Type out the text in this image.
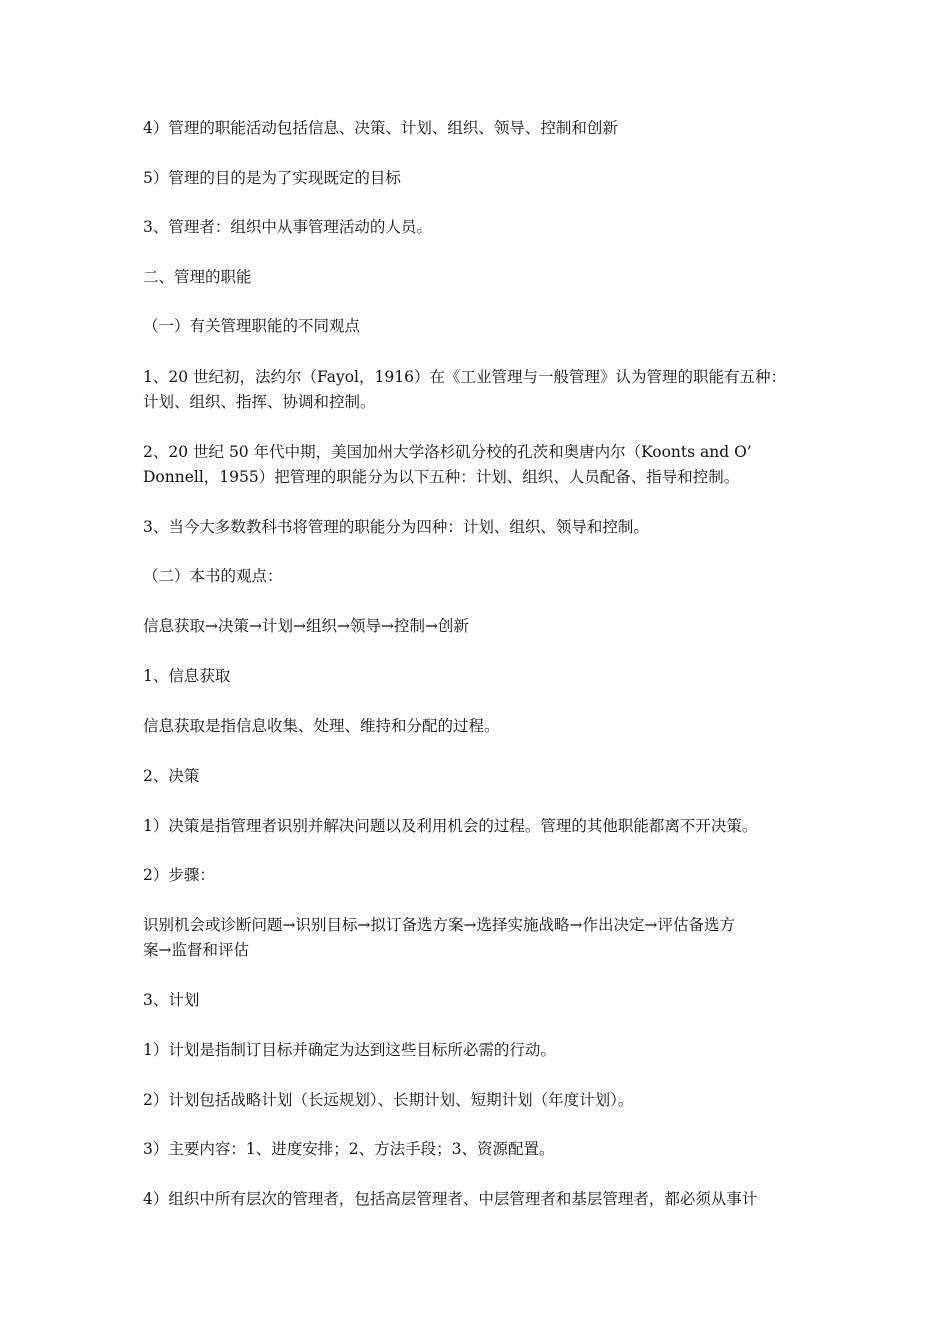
4）管理的职能活动包括信息、决策、计划、组织、领导、控制和创新
5）管理的目的是为了实现既定的目标
3、管理者：组织中从事管理活动的人员。
二、管理的职能
（一）有关管理职能的不同观点
1、20 世纪初，法约尔（Fayol，1916）在《工业管理与一般管理》认为管理的职能有五种：
计划、组织、指挥、协调和控制。
2、20 世纪 50 年代中期，美国加州大学洛杉矶分校的孔茨和奥唐内尔（Koonts and O’
Donnell，1955）把管理的职能分为以下五种：计划、组织、人员配备、指导和控制。
3、当今大多数教科书将管理的职能分为四种：计划、组织、领导和控制。
（二）本书的观点：
信息获取→决策→计划→组织→领导→控制→创新
1、信息获取
信息获取是指信息收集、处理、维持和分配的过程。
2、决策
1）决策是指管理者识别并解决问题以及利用机会的过程。管理的其他职能都离不开决策。
2）步骤：
识别机会或诊断问题→识别目标→拟订备选方案→选择实施战略→作出决定→评估备选方
案→监督和评估
3、计划
1）计划是指制订目标并确定为达到这些目标所必需的行动。
2）计划包括战略计划（长远规划）、长期计划、短期计划（年度计划）。
3）主要内容：1、进度安排；2、方法手段；3、资源配置。
4）组织中所有层次的管理者，包括高层管理者、中层管理者和基层管理者，都必须从事计
